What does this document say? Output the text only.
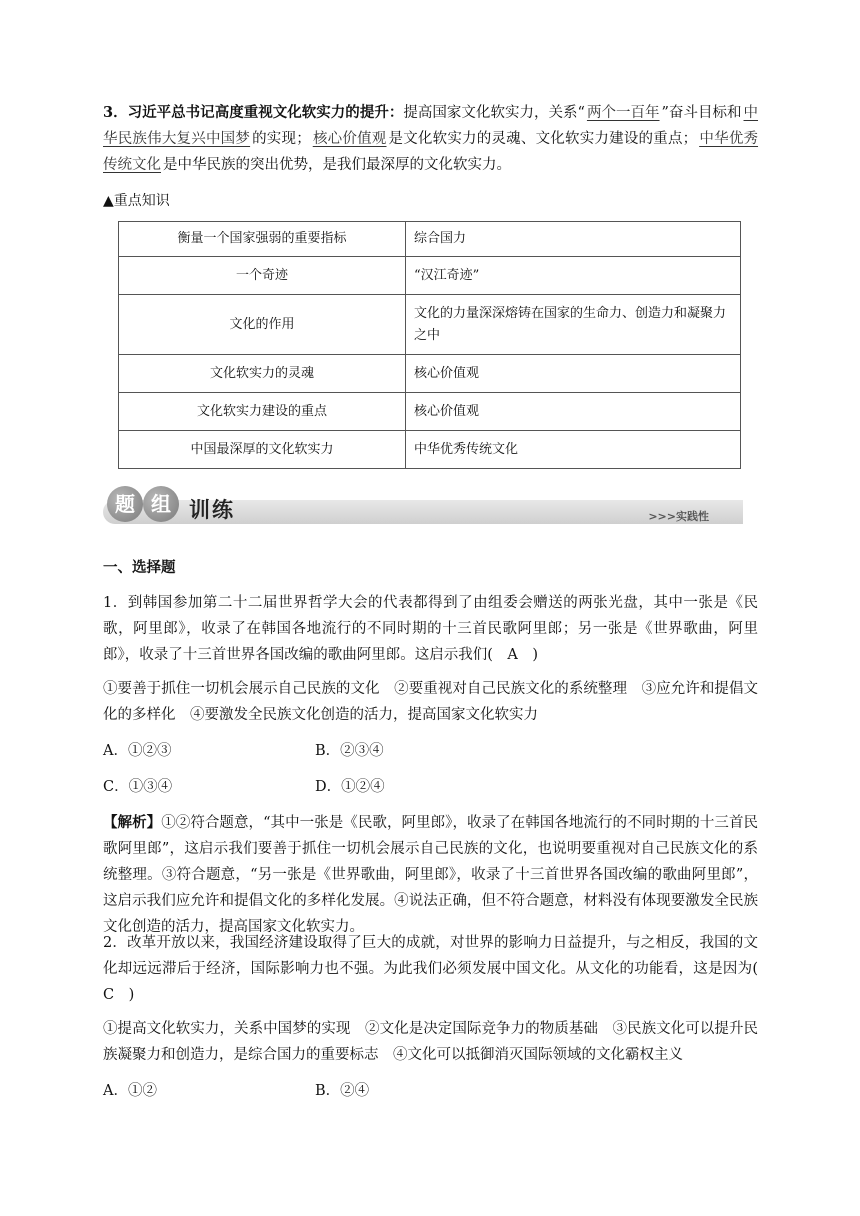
3．习近平总书记高度重视文化软实力的提升：提高国家文化软实力，关系“ 两个一百年 ”奋斗目标和 中华民族伟大复兴中国梦 的实现； 核心价值观 是文化软实力的灵魂、文化软实力建设的重点； 中华优秀传统文化 是中华民族的突出优势，是我们最深厚的文化软实力。

▲重点知识
衡量一个国家强弱的重要指标	综合国力
一个奇迹	“汉江奇迹”
文化的作用	文化的力量深深熔铸在国家的生命力、创造力和凝聚力之中
文化软实力的灵魂	核心价值观
文化软实力建设的重点	核心价值观
中国最深厚的文化软实力	中华优秀传统文化
题 组 训练	>>>实践性
一、选择题

1．到韩国参加第二十二届世界哲学大会的代表都得到了由组委会赠送的两张光盘，其中一张是《民歌，阿里郎》，收录了在韩国各地流行的不同时期的十三首民歌阿里郎；另一张是《世界歌曲，阿里郎》，收录了十三首世界各国改编的歌曲阿里郎。这启示我们(　A　)

①要善于抓住一切机会展示自己民族的文化　②要重视对自己民族文化的系统整理　③应允许和提倡文化的多样化　④要激发全民族文化创造的活力，提高国家文化软实力

A．①②③	B．②③④
C．①③④	D．①②④

【解析】①②符合题意，“其中一张是《民歌，阿里郎》，收录了在韩国各地流行的不同时期的十三首民歌阿里郎”，这启示我们要善于抓住一切机会展示自己民族的文化，也说明要重视对自己民族文化的系统整理。③符合题意，“另一张是《世界歌曲，阿里郎》，收录了十三首世界各国改编的歌曲阿里郎”，这启示我们应允许和提倡文化的多样化发展。④说法正确，但不符合题意，材料没有体现要激发全民族文化创造的活力，提高国家文化软实力。

2．改革开放以来，我国经济建设取得了巨大的成就，对世界的影响力日益提升，与之相反，我国的文化却远远滞后于经济，国际影响力也不强。为此我们必须发展中国文化。从文化的功能看，这是因为(　C　)

①提高文化软实力，关系中国梦的实现　②文化是决定国际竞争力的物质基础　③民族文化可以提升民族凝聚力和创造力，是综合国力的重要标志　④文化可以抵御消灭国际领域的文化霸权主义

A．①②	B．②④
